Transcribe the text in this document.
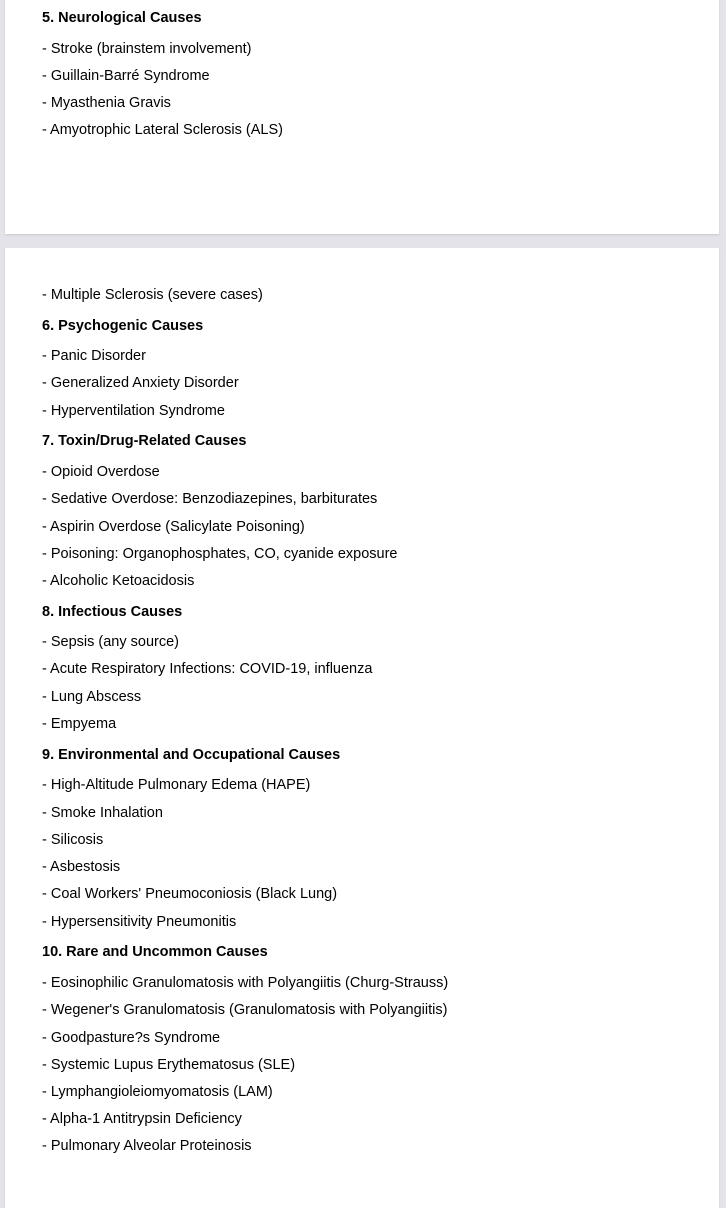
5. Neurological Causes
- Stroke (brainstem involvement)
- Guillain-Barré Syndrome
- Myasthenia Gravis
- Amyotrophic Lateral Sclerosis (ALS)
- Multiple Sclerosis (severe cases)
6. Psychogenic Causes
- Panic Disorder
- Generalized Anxiety Disorder
- Hyperventilation Syndrome
7. Toxin/Drug-Related Causes
- Opioid Overdose
- Sedative Overdose: Benzodiazepines, barbiturates
- Aspirin Overdose (Salicylate Poisoning)
- Poisoning: Organophosphates, CO, cyanide exposure
- Alcoholic Ketoacidosis
8. Infectious Causes
- Sepsis (any source)
- Acute Respiratory Infections: COVID-19, influenza
- Lung Abscess
- Empyema
9. Environmental and Occupational Causes
- High-Altitude Pulmonary Edema (HAPE)
- Smoke Inhalation
- Silicosis
- Asbestosis
- Coal Workers' Pneumoconiosis (Black Lung)
- Hypersensitivity Pneumonitis
10. Rare and Uncommon Causes
- Eosinophilic Granulomatosis with Polyangiitis (Churg-Strauss)
- Wegener's Granulomatosis (Granulomatosis with Polyangiitis)
- Goodpasture?s Syndrome
- Systemic Lupus Erythematosus (SLE)
- Lymphangioleiomyomatosis (LAM)
- Alpha-1 Antitrypsin Deficiency
- Pulmonary Alveolar Proteinosis
